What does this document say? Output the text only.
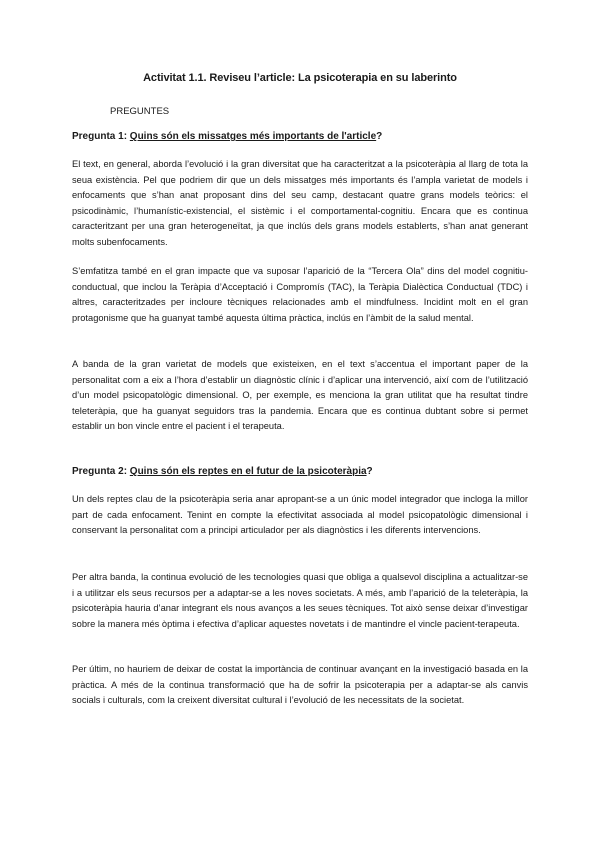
Activitat 1.1. Reviseu l’article: La psicoterapia en su laberinto
PREGUNTES
Pregunta 1: Quins són els missatges més importants de l'article?

El text, en general, aborda l’evolució i la gran diversitat que ha caracteritzat a la psicoteràpia al llarg de tota la seua existència. Pel que podriem dir que un dels missatges més importants és l’ampla varietat de models i enfocaments que s’han anat proposant dins del seu camp, destacant quatre grans models teòrics: el psicodinàmic, l’humanístic-existencial, el sistèmic i el comportamental-cognitiu. Encara que es continua caracteritzant per una gran heterogeneïtat, ja que inclús dels grans models establerts, s’han anat generant molts subenfocaments.

S’emfatitza també en el gran impacte que va suposar l’aparició de la “Tercera Ola” dins del model cognitiu-conductual, que inclou la Teràpia d’Acceptació i Compromís (TAC), la Teràpia Dialèctica Conductual (TDC) i altres, caracteritzades per incloure tècniques relacionades amb el mindfulness. Incidint molt en el gran protagonisme que ha guanyat també aquesta última pràctica, inclús en l’àmbit de la salud mental.

A banda de la gran varietat de models que existeixen, en el text s’accentua el important paper de la personalitat com a eix a l’hora d’establir un diagnòstic clínic i d’aplicar una intervenció, així com de l’utilització d’un model psicopatològic dimensional. O, per exemple, es menciona la gran utilitat que ha resultat tindre teleteràpia, que ha guanyat seguidors tras la pandemia. Encara que es continua dubtant sobre si permet establir un bon vincle entre el pacient i el terapeuta.

Pregunta 2: Quins són els reptes en el futur de la psicoteràpia?

Un dels reptes clau de la psicoteràpia seria anar apropant-se a un únic model integrador que incloga la millor part de cada enfocament. Tenint en compte la efectivitat associada al model psicopatològic dimensional i conservant la personalitat com a principi articulador per als diagnòstics i les diferents intervencions.

Per altra banda, la continua evolució de les tecnologies quasi que obliga a qualsevol disciplina a actualitzar-se i a utilitzar els seus recursos per a adaptar-se a les noves societats. A més, amb l’aparició de la teleteràpia, la psicoteràpia hauria d’anar integrant els nous avanços a les seues tècniques. Tot això sense deixar d’investigar sobre la manera més òptima i efectiva d’aplicar aquestes novetats i de mantindre el vincle pacient-terapeuta.

Per últim, no hauriem de deixar de costat la importància de continuar avançant en la investigació basada en la pràctica. A més de la continua transformació que ha de sofrir la psicoterapia per a adaptar-se als canvis socials i culturals, com la creixent diversitat cultural i l’evolució de les necessitats de la societat.
